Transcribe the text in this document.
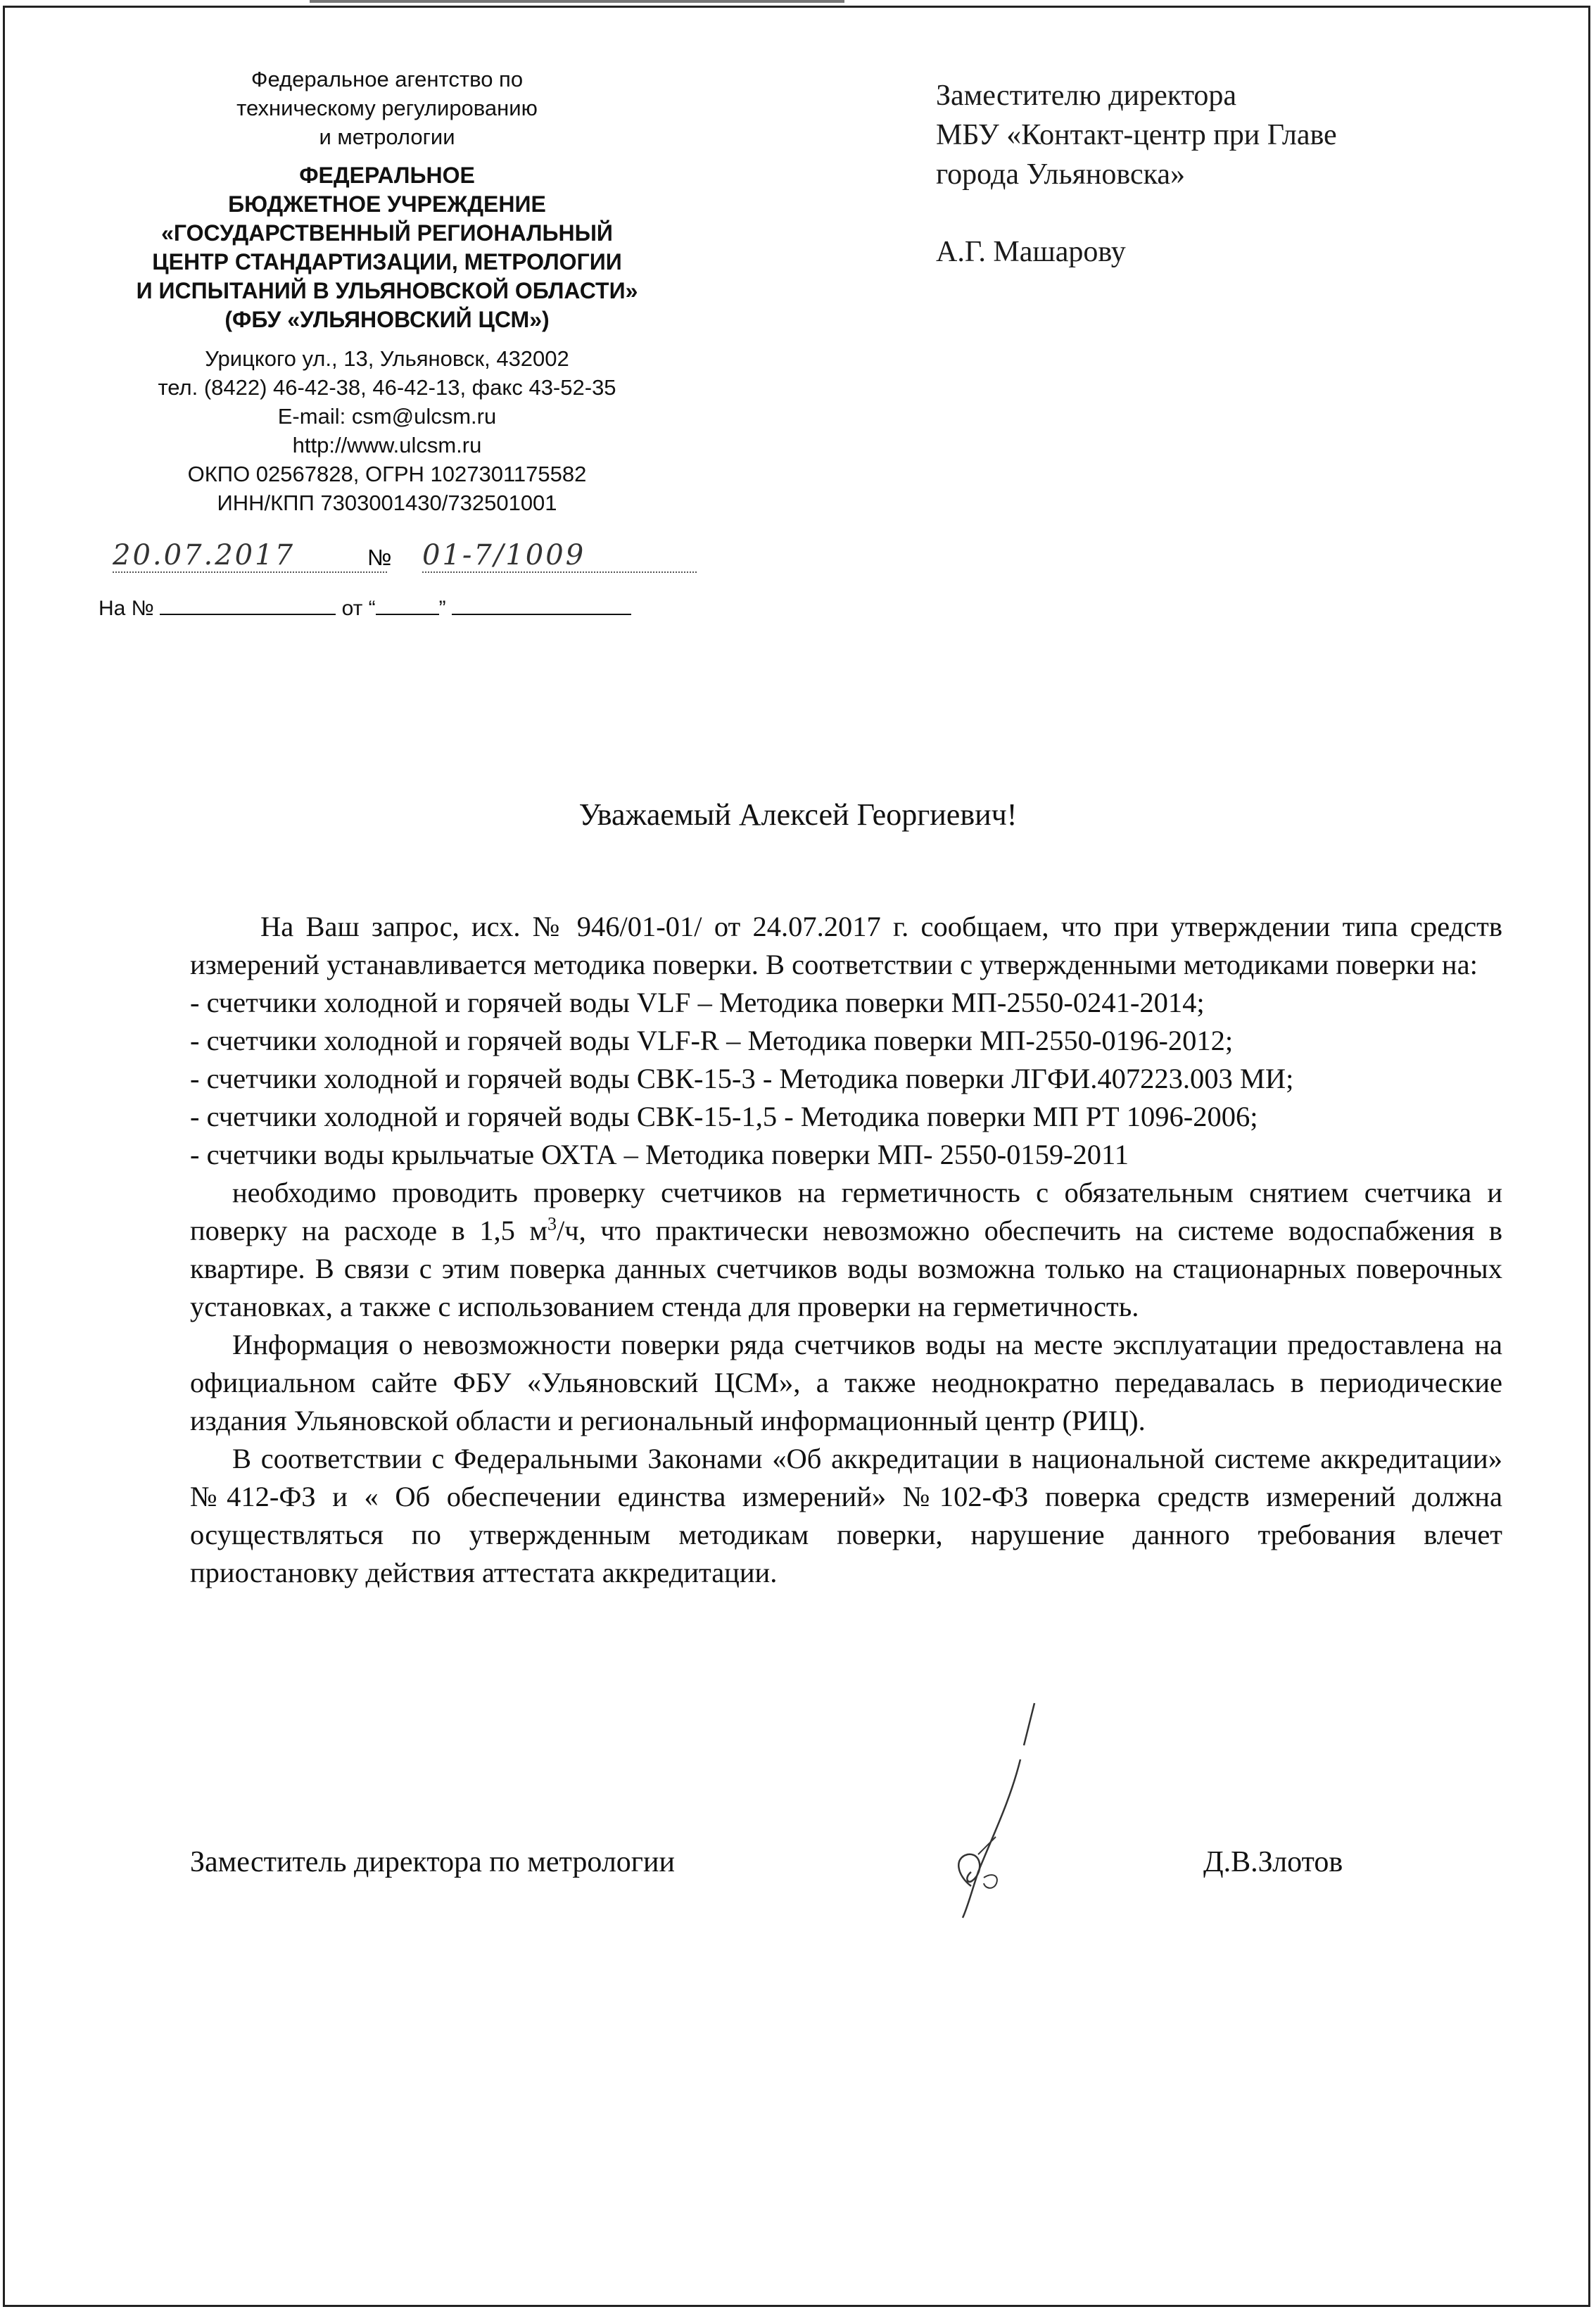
Федеральное агентство по
техническому регулированию
и метрологии
ФЕДЕРАЛЬНОЕ
БЮДЖЕТНОЕ УЧРЕЖДЕНИЕ
«ГОСУДАРСТВЕННЫЙ РЕГИОНАЛЬНЫЙ
ЦЕНТР СТАНДАРТИЗАЦИИ, МЕТРОЛОГИИ
И ИСПЫТАНИЙ В УЛЬЯНОВСКОЙ ОБЛАСТИ»
(ФБУ «УЛЬЯНОВСКИЙ ЦСМ»)
Урицкого ул., 13, Ульяновск, 432002
тел. (8422) 46-42-38, 46-42-13, факс 43-52-35
E-mail: csm@ulcsm.ru
http://www.ulcsm.ru
ОКПО 02567828, ОГРН 1027301175582
ИНН/КПП 7303001430/732501001
20.07.2017	№ 01-7/1009
На №	от “	”
Заместителю директора
МБУ «Контакт-центр при Главе
города Ульяновска»
А.Г. Машарову
Уважаемый Алексей Георгиевич!

На Ваш запрос, исх. № 946/01-01/ от 24.07.2017 г. сообщаем, что при утверждении типа средств измерений устанавливается методика поверки. В соответствии с утвержденными методиками поверки на:

- счетчики холодной и горячей воды VLF – Методика поверки МП-2550-0241-2014;
- счетчики холодной и горячей воды VLF-R – Методика поверки МП-2550-0196-2012;
- счетчики холодной и горячей воды СВК-15-3 - Методика поверки ЛГФИ.407223.003 МИ;
- счетчики холодной и горячей воды СВК-15-1,5 - Методика поверки МП РТ 1096-2006;
- счетчики воды крыльчатые ОХТА – Методика поверки МП- 2550-0159-2011

необходимо проводить проверку счетчиков на герметичность с обязательным снятием счетчика и поверку на расходе в 1,5 $м^3/ч$, что практически невозможно обеспечить на системе водоспабжения в квартире. В связи с этим поверка данных счетчиков воды возможна только на стационарных поверочных установках, а также с использованием стенда для проверки на герметичность.

Информация о невозможности поверки ряда счетчиков воды на месте эксплуатации предоставлена на официальном сайте ФБУ «Ульяновский ЦСМ», а также неоднократно передавалась в периодические издания Ульяновской области и региональный информационный центр (РИЦ).

В соответствии с Федеральными Законами «Об аккредитации в национальной системе аккредитации» №412-ФЗ и « Об обеспечении единства измерений» №102-ФЗ поверка средств измерений должна осуществляться по утвержденным методикам поверки, нарушение данного требования влечет приостановку действия аттестата аккредитации.

Заместитель директора по метрологии	Д.В.Злотов
